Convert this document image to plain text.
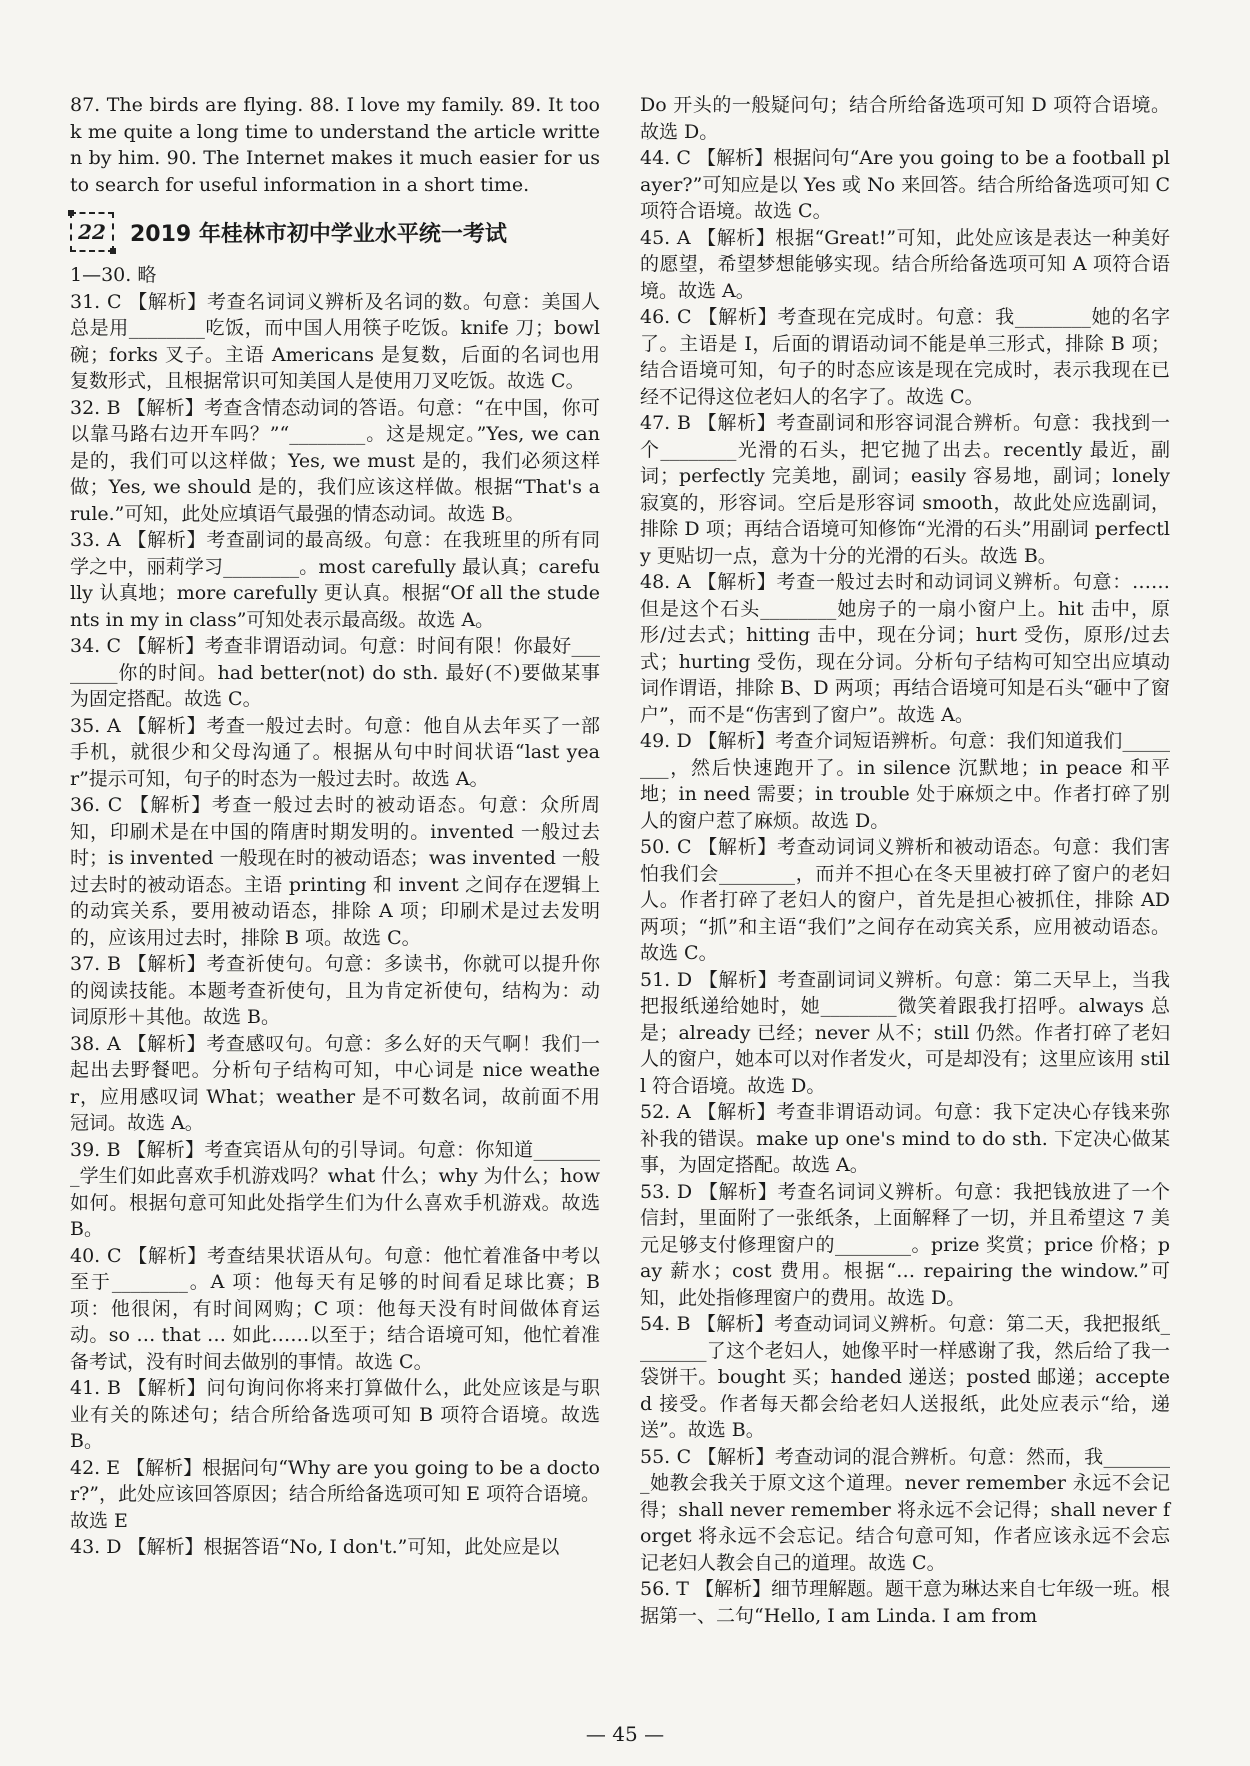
87. The birds are flying. 88. I love my family. 89. It took me quite a long time to understand the article written by him. 90. The Internet makes it much easier for us to search for useful information in a short time.

22	2019 年桂林市初中学业水平统一考试

1—30. 略

31. C 【解析】考查名词词义辨析及名词的数。句意：美国人总是用________吃饭，而中国人用筷子吃饭。knife 刀；bowl 碗；forks 叉子。主语 Americans 是复数，后面的名词也用复数形式，且根据常识可知美国人是使用刀叉吃饭。故选 C。

32. B 【解析】考查含情态动词的答语。句意：“在中国，你可以靠马路右边开车吗？”“________。这是规定。”Yes, we can 是的，我们可以这样做；Yes, we must 是的，我们必须这样做；Yes, we should 是的，我们应该这样做。根据“That's a rule.”可知，此处应填语气最强的情态动词。故选 B。

33. A 【解析】考查副词的最高级。句意：在我班里的所有同学之中，丽莉学习________。most carefully 最认真；carefully 认真地；more carefully 更认真。根据“Of all the students in my in class”可知处表示最高级。故选 A。

34. C 【解析】考查非谓语动词。句意：时间有限！你最好________你的时间。had better(not) do sth. 最好(不)要做某事为固定搭配。故选 C。

35. A 【解析】考查一般过去时。句意：他自从去年买了一部手机，就很少和父母沟通了。根据从句中时间状语“last year”提示可知，句子的时态为一般过去时。故选 A。

36. C 【解析】考查一般过去时的被动语态。句意：众所周知，印刷术是在中国的隋唐时期发明的。invented 一般过去时；is invented 一般现在时的被动语态；was invented 一般过去时的被动语态。主语 printing 和 invent 之间存在逻辑上的动宾关系，要用被动语态，排除 A 项；印刷术是过去发明的，应该用过去时，排除 B 项。故选 C。

37. B 【解析】考查祈使句。句意：多读书，你就可以提升你的阅读技能。本题考查祈使句，且为肯定祈使句，结构为：动词原形＋其他。故选 B。

38. A 【解析】考查感叹句。句意：多么好的天气啊！我们一起出去野餐吧。分析句子结构可知，中心词是 nice weather，应用感叹词 What；weather 是不可数名词，故前面不用冠词。故选 A。

39. B 【解析】考查宾语从句的引导词。句意：你知道________学生们如此喜欢手机游戏吗？what 什么；why 为什么；how 如何。根据句意可知此处指学生们为什么喜欢手机游戏。故选 B。

40. C 【解析】考查结果状语从句。句意：他忙着准备中考以至于________。A 项：他每天有足够的时间看足球比赛；B 项：他很闲，有时间网购；C 项：他每天没有时间做体育运动。so … that … 如此……以至于；结合语境可知，他忙着准备考试，没有时间去做别的事情。故选 C。

41. B 【解析】问句询问你将来打算做什么，此处应该是与职业有关的陈述句；结合所给备选项可知 B 项符合语境。故选 B。

42. E 【解析】根据问句“Why are you going to be a doctor?”，此处应该回答原因；结合所给备选项可知 E 项符合语境。故选 E

43. D 【解析】根据答语“No, I don't.”可知，此处应是以

Do 开头的一般疑问句；结合所给备选项可知 D 项符合语境。故选 D。

44. C 【解析】根据问句“Are you going to be a football player?”可知应是以 Yes 或 No 来回答。结合所给备选项可知 C 项符合语境。故选 C。

45. A 【解析】根据“Great!”可知，此处应该是表达一种美好的愿望，希望梦想能够实现。结合所给备选项可知 A 项符合语境。故选 A。

46. C 【解析】考查现在完成时。句意：我________她的名字了。主语是 I，后面的谓语动词不能是单三形式，排除 B 项；结合语境可知，句子的时态应该是现在完成时，表示我现在已经不记得这位老妇人的名字了。故选 C。

47. B 【解析】考查副词和形容词混合辨析。句意：我找到一个________光滑的石头，把它抛了出去。recently 最近，副词；perfectly 完美地，副词；easily 容易地，副词；lonely 寂寞的，形容词。空后是形容词 smooth，故此处应选副词，排除 D 项；再结合语境可知修饰“光滑的石头”用副词 perfectly 更贴切一点，意为十分的光滑的石头。故选 B。

48. A 【解析】考查一般过去时和动词词义辨析。句意：……但是这个石头________她房子的一扇小窗户上。hit 击中，原形/过去式；hitting 击中，现在分词；hurt 受伤，原形/过去式；hurting 受伤，现在分词。分析句子结构可知空出应填动词作谓语，排除 B、D 两项；再结合语境可知是石头“砸中了窗户”，而不是“伤害到了窗户”。故选 A。

49. D 【解析】考查介词短语辨析。句意：我们知道我们________，然后快速跑开了。in silence 沉默地；in peace 和平地；in need 需要；in trouble 处于麻烦之中。作者打碎了别人的窗户惹了麻烦。故选 D。

50. C 【解析】考查动词词义辨析和被动语态。句意：我们害怕我们会________，而并不担心在冬天里被打碎了窗户的老妇人。作者打碎了老妇人的窗户，首先是担心被抓住，排除 AD 两项；“抓”和主语“我们”之间存在动宾关系，应用被动语态。故选 C。

51. D 【解析】考查副词词义辨析。句意：第二天早上，当我把报纸递给她时，她________微笑着跟我打招呼。always 总是；already 已经；never 从不；still 仍然。作者打碎了老妇人的窗户，她本可以对作者发火，可是却没有；这里应该用 still 符合语境。故选 D。

52. A 【解析】考查非谓语动词。句意：我下定决心存钱来弥补我的错误。make up one's mind to do sth. 下定决心做某事，为固定搭配。故选 A。

53. D 【解析】考查名词词义辨析。句意：我把钱放进了一个信封，里面附了一张纸条，上面解释了一切，并且希望这 7 美元足够支付修理窗户的________。prize 奖赏；price 价格；pay 薪水；cost 费用。根据“… repairing the window.”可知，此处指修理窗户的费用。故选 D。

54. B 【解析】考查动词词义辨析。句意：第二天，我把报纸________了这个老妇人，她像平时一样感谢了我，然后给了我一袋饼干。bought 买；handed 递送；posted 邮递；accepted 接受。作者每天都会给老妇人送报纸，此处应表示“给，递送”。故选 B。

55. C 【解析】考查动词的混合辨析。句意：然而，我________她教会我关于原文这个道理。never remember 永远不会记得；shall never remember 将永远不会记得；shall never forget 将永远不会忘记。结合句意可知，作者应该永远不会忘记老妇人教会自己的道理。故选 C。

56. T 【解析】细节理解题。题干意为琳达来自七年级一班。根据第一、二句“Hello, I am Linda. I am from

— 45 —
